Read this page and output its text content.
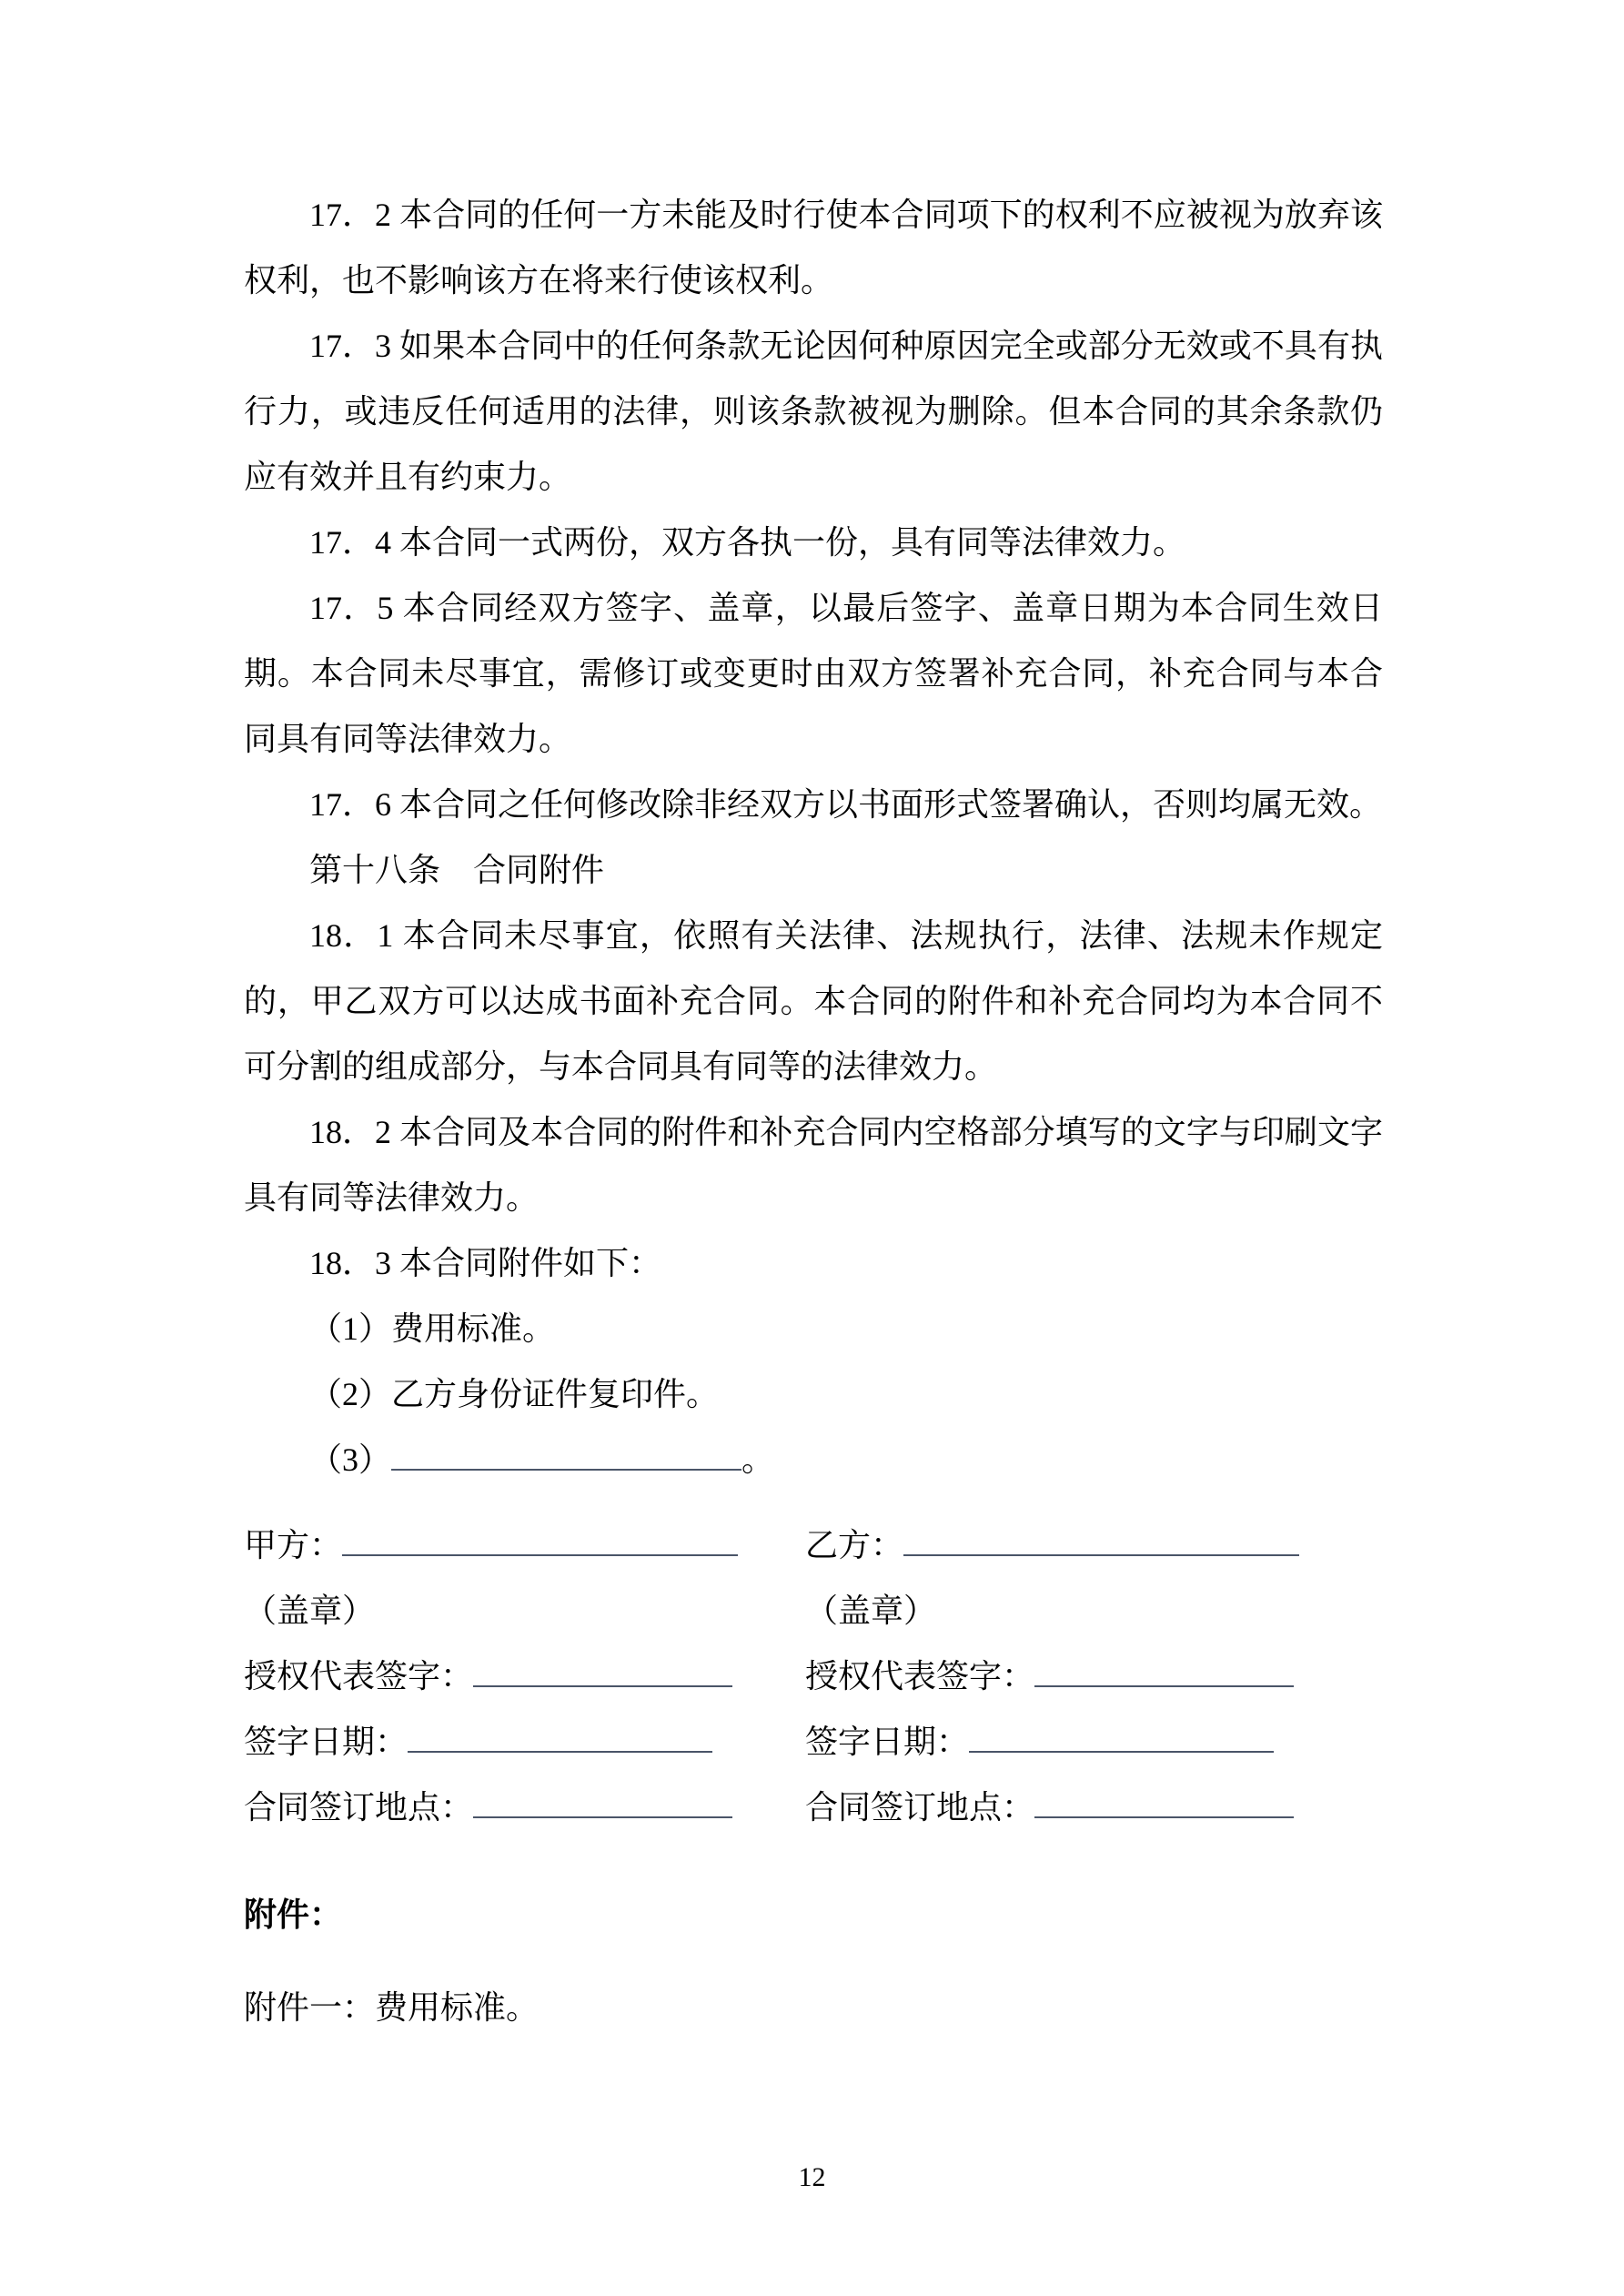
17．2 本合同的任何一方未能及时行使本合同项下的权利不应被视为放弃该权利，也不影响该方在将来行使该权利。

17．3 如果本合同中的任何条款无论因何种原因完全或部分无效或不具有执行力，或违反任何适用的法律，则该条款被视为删除。但本合同的其余条款仍应有效并且有约束力。

17．4 本合同一式两份，双方各执一份，具有同等法律效力。

17．5 本合同经双方签字、盖章，以最后签字、盖章日期为本合同生效日期。本合同未尽事宜，需修订或变更时由双方签署补充合同，补充合同与本合同具有同等法律效力。

17．6 本合同之任何修改除非经双方以书面形式签署确认，否则均属无效。

第十八条　合同附件

18．1 本合同未尽事宜，依照有关法律、法规执行，法律、法规未作规定的，甲乙双方可以达成书面补充合同。本合同的附件和补充合同均为本合同不可分割的组成部分，与本合同具有同等的法律效力。

18．2 本合同及本合同的附件和补充合同内空格部分填写的文字与印刷文字具有同等法律效力。

18．3 本合同附件如下：

（1）费用标准。

（2）乙方身份证件复印件。

（3）	。

甲方：	乙方：
（盖章）	（盖章）
授权代表签字：	授权代表签字：
签字日期：	签字日期：
合同签订地点：	合同签订地点：

附件：

附件一：费用标准。

12
